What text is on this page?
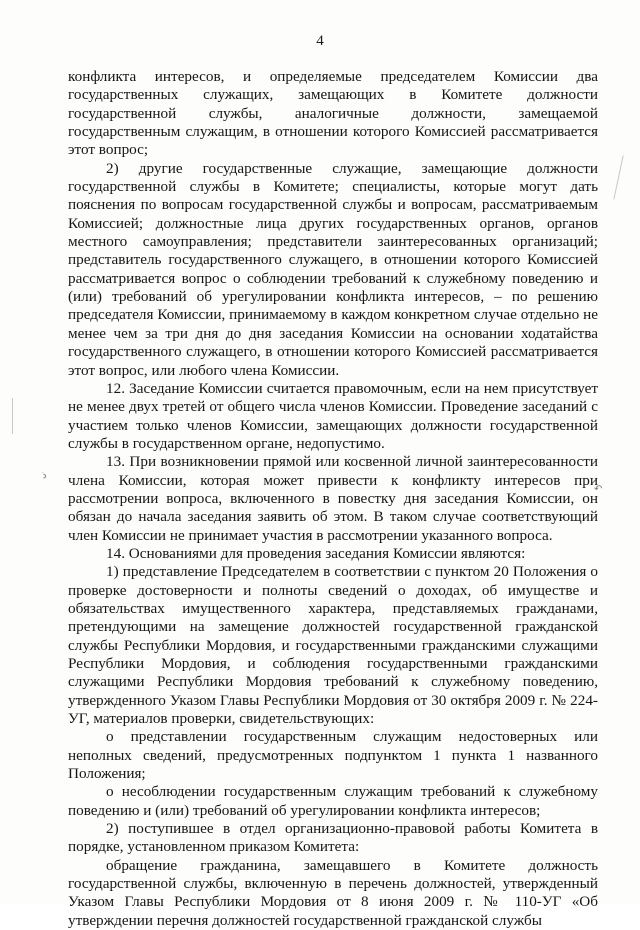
4

конфликта интересов, и определяемые председателем Комиссии два государственных служащих, замещающих в Комитете должности государственной службы, аналогичные должности, замещаемой государственным служащим, в отношении которого Комиссией рассматривается этот вопрос;

2) другие государственные служащие, замещающие должности государственной службы в Комитете; специалисты, которые могут дать пояснения по вопросам государственной службы и вопросам, рассматриваемым Комиссией; должностные лица других государственных органов, органов местного самоуправления; представители заинтересованных организаций; представитель государственного служащего, в отношении которого Комиссией рассматривается вопрос о соблюдении требований к служебному поведению и (или) требований об урегулировании конфликта интересов, – по решению председателя Комиссии, принимаемому в каждом конкретном случае отдельно не менее чем за три дня до дня заседания Комиссии на основании ходатайства государственного служащего, в отношении которого Комиссией рассматривается этот вопрос, или любого члена Комиссии.

12. Заседание Комиссии считается правомочным, если на нем присутствует не менее двух третей от общего числа членов Комиссии. Проведение заседаний с участием только членов Комиссии, замещающих должности государственной службы в государственном органе, недопустимо.

13. При возникновении прямой или косвенной личной заинтересованности члена Комиссии, которая может привести к конфликту интересов при рассмотрении вопроса, включенного в повестку дня заседания Комиссии, он обязан до начала заседания заявить об этом. В таком случае соответствующий член Комиссии не принимает участия в рассмотрении указанного вопроса.

14. Основаниями для проведения заседания Комиссии являются:

1) представление Председателем в соответствии с пунктом 20 Положения о проверке достоверности и полноты сведений о доходах, об имуществе и обязательствах имущественного характера, представляемых гражданами, претендующими на замещение должностей государственной гражданской службы Республики Мордовия, и государственными гражданскими служащими Республики Мордовия, и соблюдения государственными гражданскими служащими Республики Мордовия требований к служебному поведению, утвержденного Указом Главы Республики Мордовия от 30 октября 2009 г. № 224-УГ, материалов проверки, свидетельствующих:

о представлении государственным служащим недостоверных или неполных сведений, предусмотренных подпунктом 1 пункта 1 названного Положения;

о несоблюдении государственным служащим требований к служебному поведению и (или) требований об урегулировании конфликта интересов;

2) поступившее в отдел организационно-правовой работы Комитета в порядке, установленном приказом Комитета:

обращение гражданина, замещавшего в Комитете должность государственной службы, включенную в перечень должностей, утвержденный Указом Главы Республики Мордовия от 8 июня 2009 г. № 110-УГ «Об утверждении перечня должностей государственной гражданской службы

ذ
↶
